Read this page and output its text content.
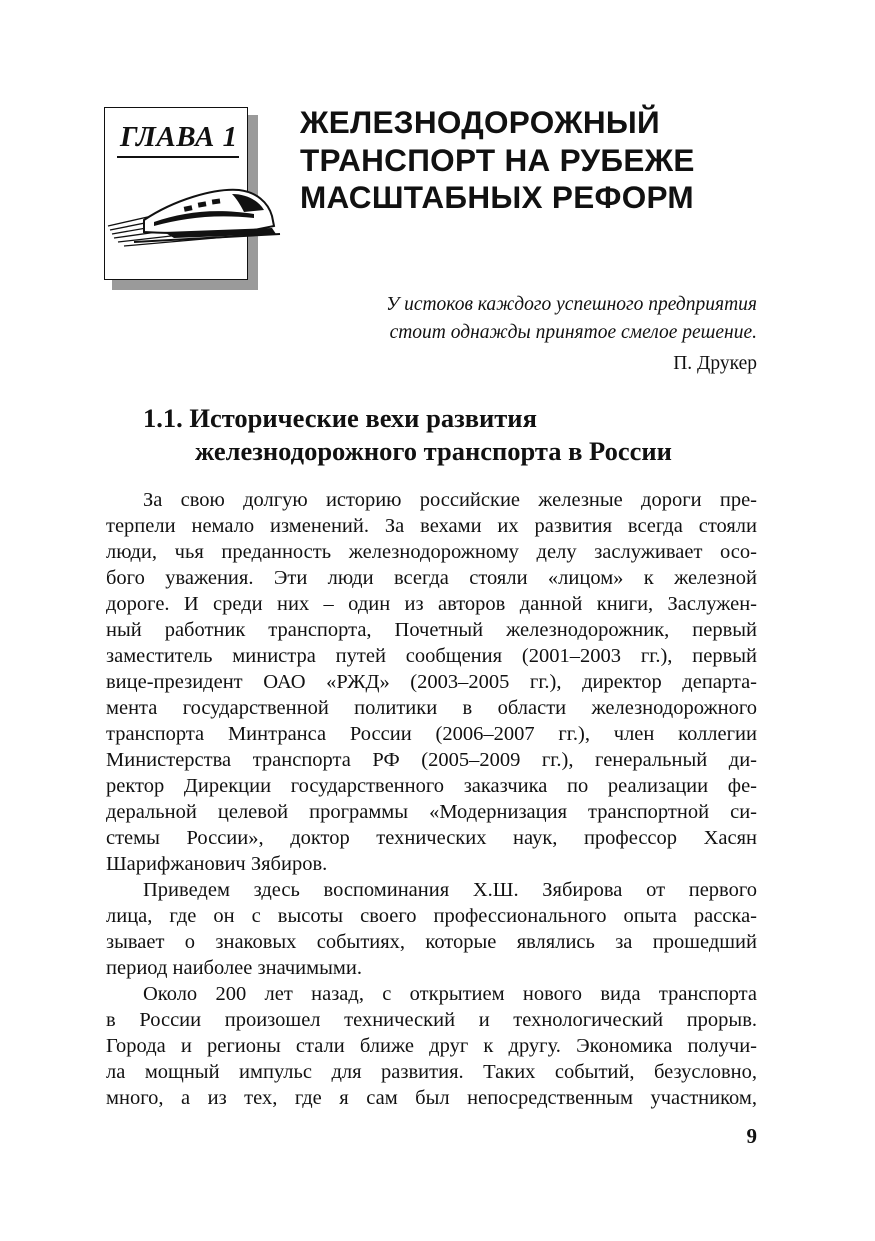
ГЛАВА 1 ЖЕЛЕЗНОДОРОЖНЫЙ
ТРАНСПОРТ НА РУБЕЖЕ
МАСШТАБНЫХ РЕФОРМ
У истоков каждого успешного предприятия
стоит однажды принятое смелое решение.
П. Друкер
1.1. Исторические вехи развития
железнодорожного транспорта в России
За свою долгую историю российские железные дороги пре-
терпели немало изменений. За вехами их развития всегда стояли
люди, чья преданность железнодорожному делу заслуживает осо-
бого уважения. Эти люди всегда стояли «лицом» к железной
дороге. И среди них – один из авторов данной книги, Заслужен-
ный работник транспорта, Почетный железнодорожник, первый
заместитель министра путей сообщения (2001–2003 гг.), первый
вице-президент ОАО «РЖД» (2003–2005 гг.), директор департа-
мента государственной политики в области железнодорожного
транспорта Минтранса России (2006–2007 гг.), член коллегии
Министерства транспорта РФ (2005–2009 гг.), генеральный ди-
ректор Дирекции государственного заказчика по реализации фе-
деральной целевой программы «Модернизация транспортной си-
стемы России», доктор технических наук, профессор Хасян
Шарифжанович Зябиров.
Приведем здесь воспоминания Х.Ш. Зябирова от первого
лица, где он с высоты своего профессионального опыта расска-
зывает о знаковых событиях, которые являлись за прошедший
период наиболее значимыми.
Около 200 лет назад, с открытием нового вида транспорта
в России произошел технический и технологический прорыв.
Города и регионы стали ближе друг к другу. Экономика получи-
ла мощный импульс для развития. Таких событий, безусловно,
много, а из тех, где я сам был непосредственным участником,
9
